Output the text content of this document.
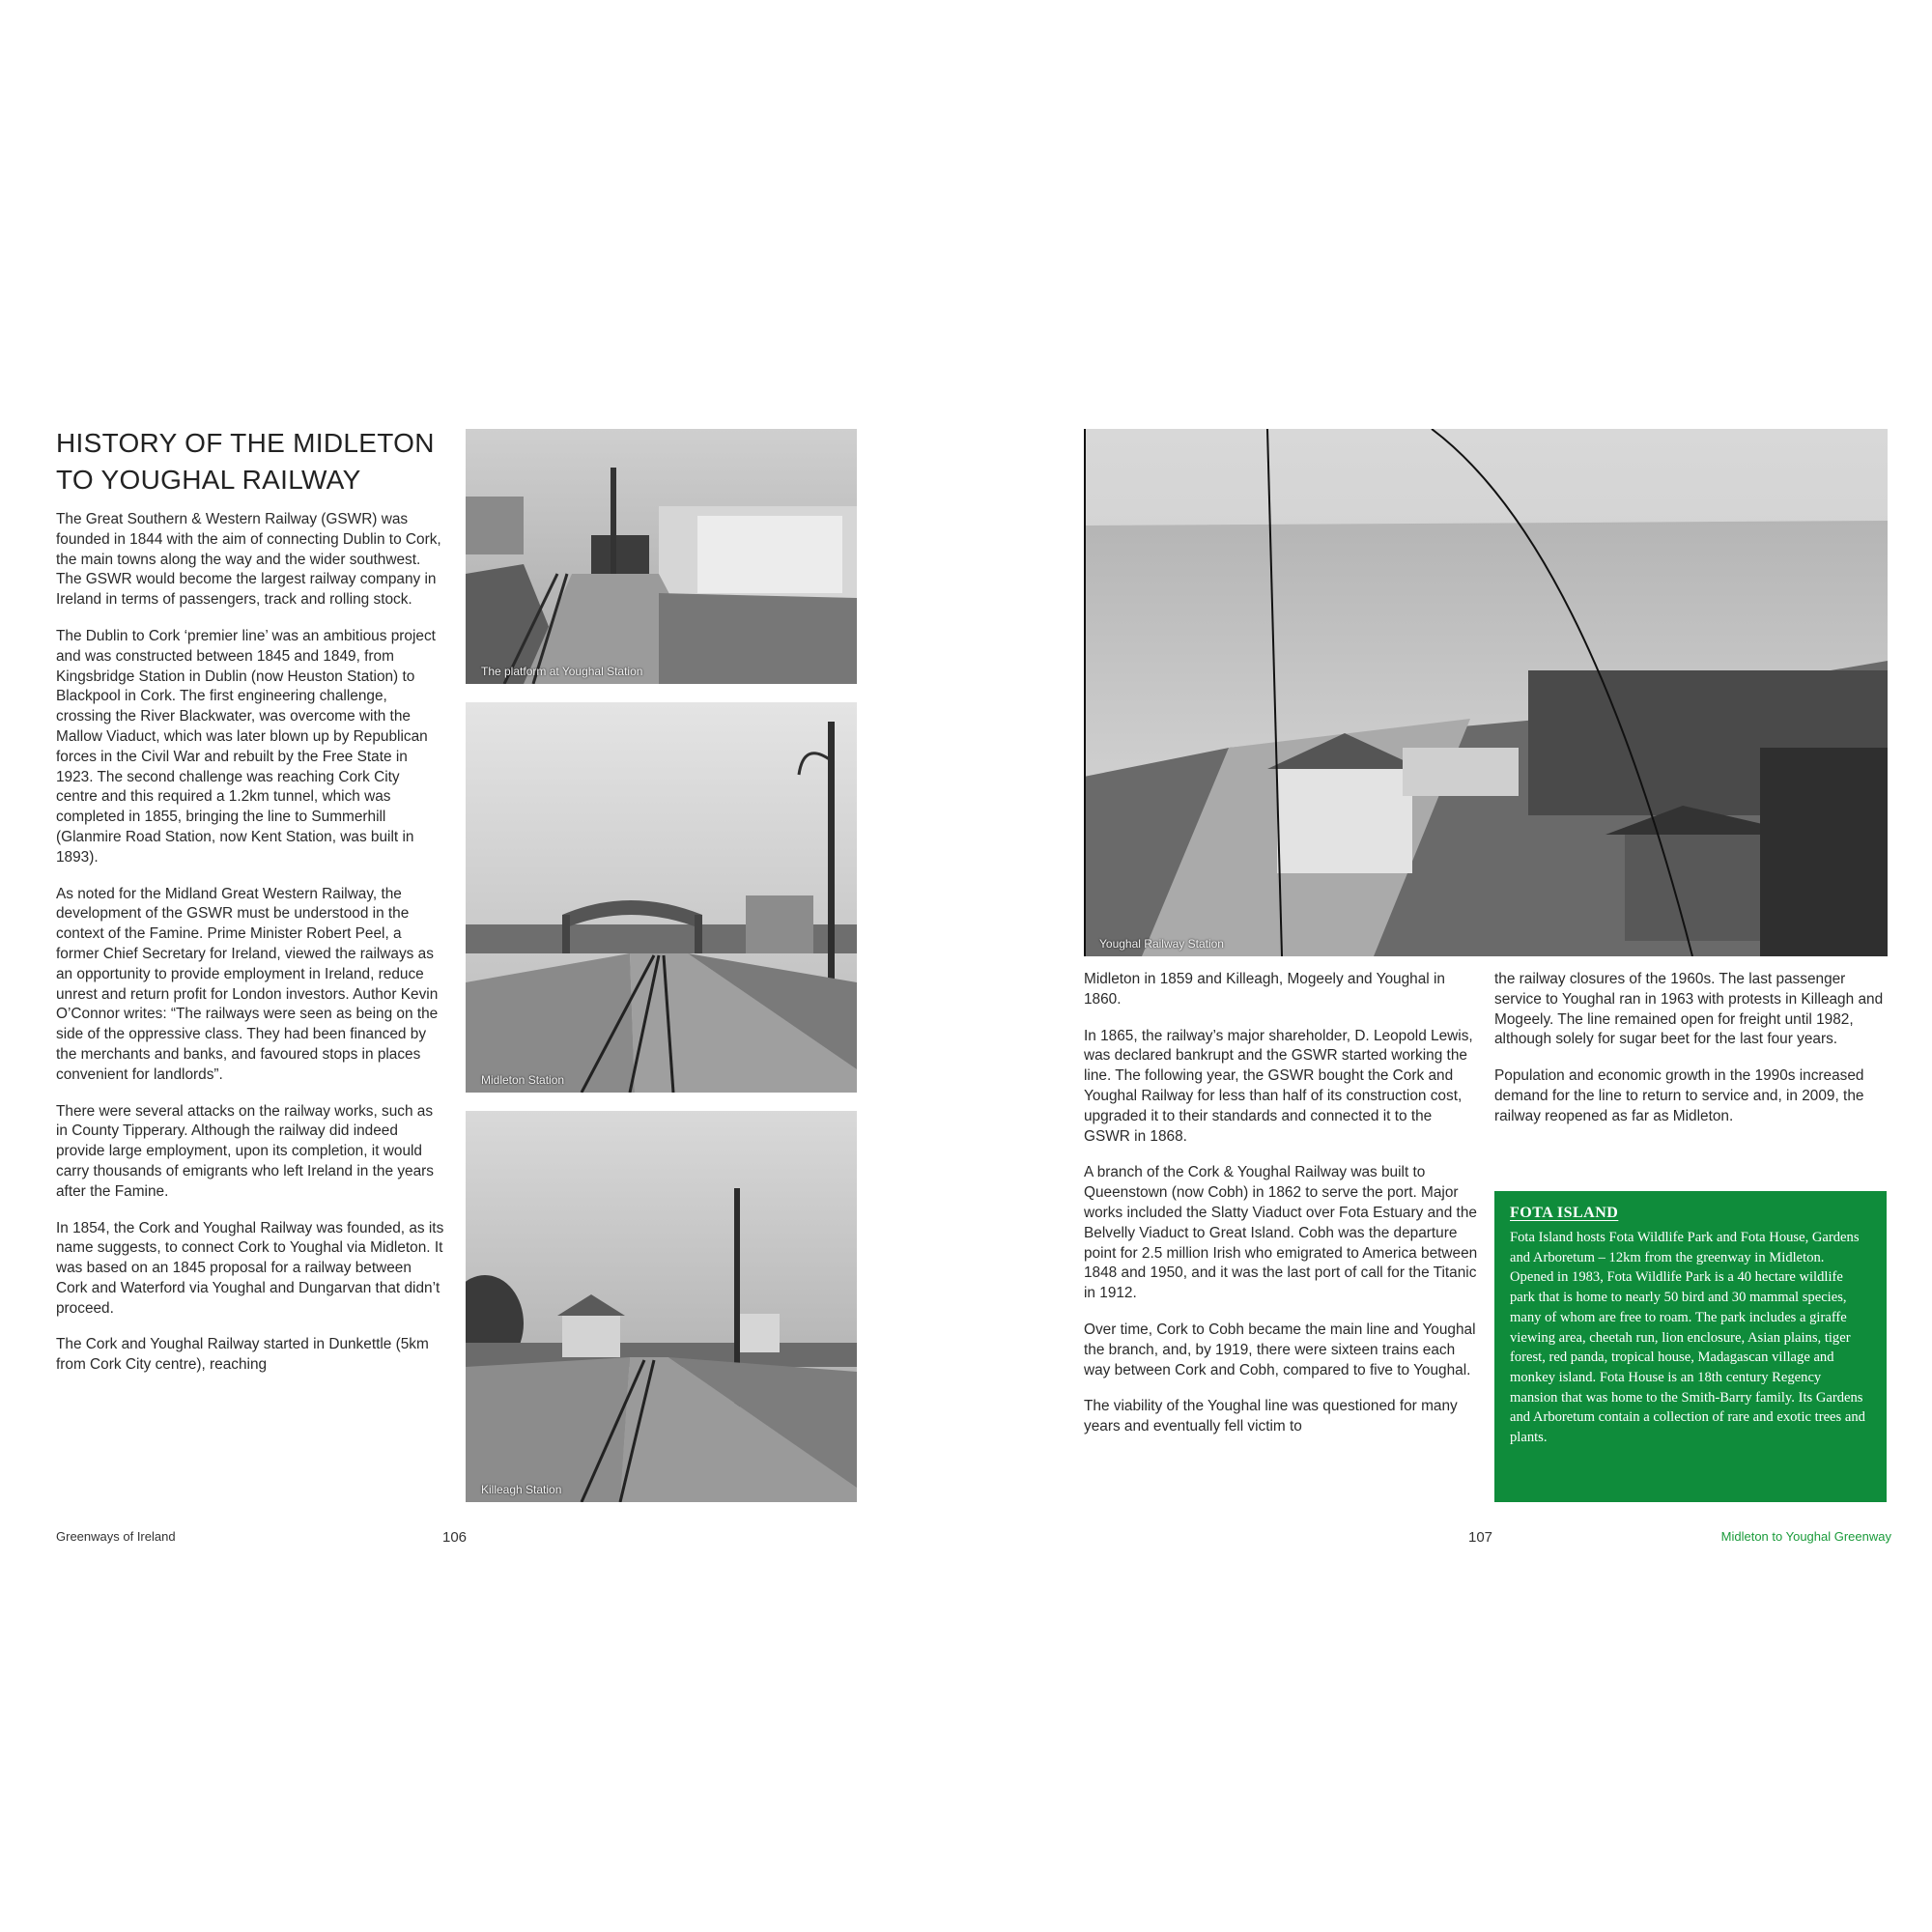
HISTORY OF THE MIDLETON TO YOUGHAL RAILWAY

The Great Southern & Western Railway (GSWR) was founded in 1844 with the aim of connecting Dublin to Cork, the main towns along the way and the wider southwest. The GSWR would become the largest railway company in Ireland in terms of passengers, track and rolling stock.

The Dublin to Cork ‘premier line’ was an ambitious project and was constructed between 1845 and 1849, from Kingsbridge Station in Dublin (now Heuston Station) to Blackpool in Cork. The first engineering challenge, crossing the River Blackwater, was overcome with the Mallow Viaduct, which was later blown up by Republican forces in the Civil War and rebuilt by the Free State in 1923. The second challenge was reaching Cork City centre and this required a 1.2km tunnel, which was completed in 1855, bringing the line to Summerhill (Glanmire Road Station, now Kent Station, was built in 1893).

As noted for the Midland Great Western Railway, the development of the GSWR must be understood in the context of the Famine. Prime Minister Robert Peel, a former Chief Secretary for Ireland, viewed the railways as an opportunity to provide employment in Ireland, reduce unrest and return profit for London investors. Author Kevin O’Connor writes: “The railways were seen as being on the side of the oppressive class. They had been financed by the merchants and banks, and favoured stops in places convenient for landlords”.

There were several attacks on the railway works, such as in County Tipperary. Although the railway did indeed provide large employment, upon its completion, it would carry thousands of emigrants who left Ireland in the years after the Famine.

In 1854, the Cork and Youghal Railway was founded, as its name suggests, to connect Cork to Youghal via Midleton. It was based on an 1845 proposal for a railway between Cork and Waterford via Youghal and Dungarvan that didn’t proceed.

The Cork and Youghal Railway started in Dunkettle (5km from Cork City centre), reaching

The platform at Youghal Station
Midleton Station
Killeagh Station
Greenways of Ireland	106
Youghal Railway Station

Midleton in 1859 and Killeagh, Mogeely and Youghal in 1860.

In 1865, the railway’s major shareholder, D. Leopold Lewis, was declared bankrupt and the GSWR started working the line. The following year, the GSWR bought the Cork and Youghal Railway for less than half of its construction cost, upgraded it to their standards and connected it to the GSWR in 1868.

A branch of the Cork & Youghal Railway was built to Queenstown (now Cobh) in 1862 to serve the port. Major works included the Slatty Viaduct over Fota Estuary and the Belvelly Viaduct to Great Island. Cobh was the departure point for 2.5 million Irish who emigrated to America between 1848 and 1950, and it was the last port of call for the Titanic in 1912.

Over time, Cork to Cobh became the main line and Youghal the branch, and, by 1919, there were sixteen trains each way between Cork and Cobh, compared to five to Youghal.

The viability of the Youghal line was questioned for many years and eventually fell victim to

the railway closures of the 1960s. The last passenger service to Youghal ran in 1963 with protests in Killeagh and Mogeely. The line remained open for freight until 1982, although solely for sugar beet for the last four years.

Population and economic growth in the 1990s increased demand for the line to return to service and, in 2009, the railway reopened as far as Midleton.

FOTA ISLAND

Fota Island hosts Fota Wildlife Park and Fota House, Gardens and Arboretum – 12km from the greenway in Midleton. Opened in 1983, Fota Wildlife Park is a 40 hectare wildlife park that is home to nearly 50 bird and 30 mammal species, many of whom are free to roam. The park includes a giraffe viewing area, cheetah run, lion enclosure, Asian plains, tiger forest, red panda, tropical house, Madagascan village and monkey island. Fota House is an 18th century Regency mansion that was home to the Smith-Barry family. Its Gardens and Arboretum contain a collection of rare and exotic trees and plants.

107	Midleton to Youghal Greenway
